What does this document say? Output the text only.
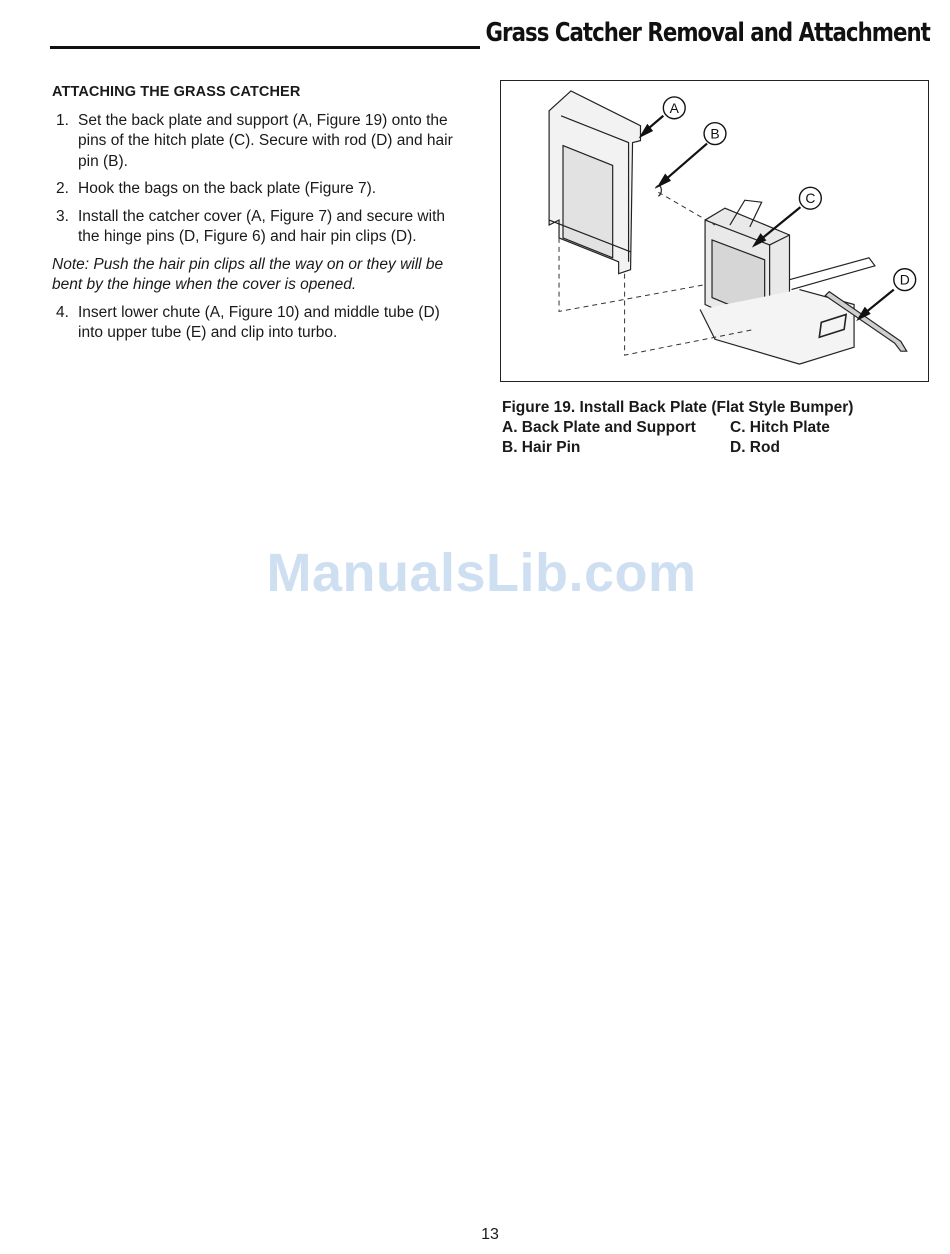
Grass Catcher Removal and Attachment
ATTACHING THE GRASS CATCHER
1. Set the back plate and support (A, Figure 19) onto the pins of the hitch plate (C). Secure with rod (D) and hair pin (B).
2. Hook the bags on the back plate (Figure 7).
3. Install the catcher cover (A, Figure 7) and secure with the hinge pins (D, Figure 6) and hair pin clips (D).

Note: Push the hair pin clips all the way on or they will be bent by the hinge when the cover is opened.

4. Insert lower chute (A, Figure 10) and middle tube (D) into upper tube (E) and clip into turbo.
A
B
C
D
Figure 19. Install Back Plate (Flat Style Bumper)
A. Back Plate and Support	C. Hitch Plate
B. Hair Pin	D. Rod
ManualsLib.com
13
